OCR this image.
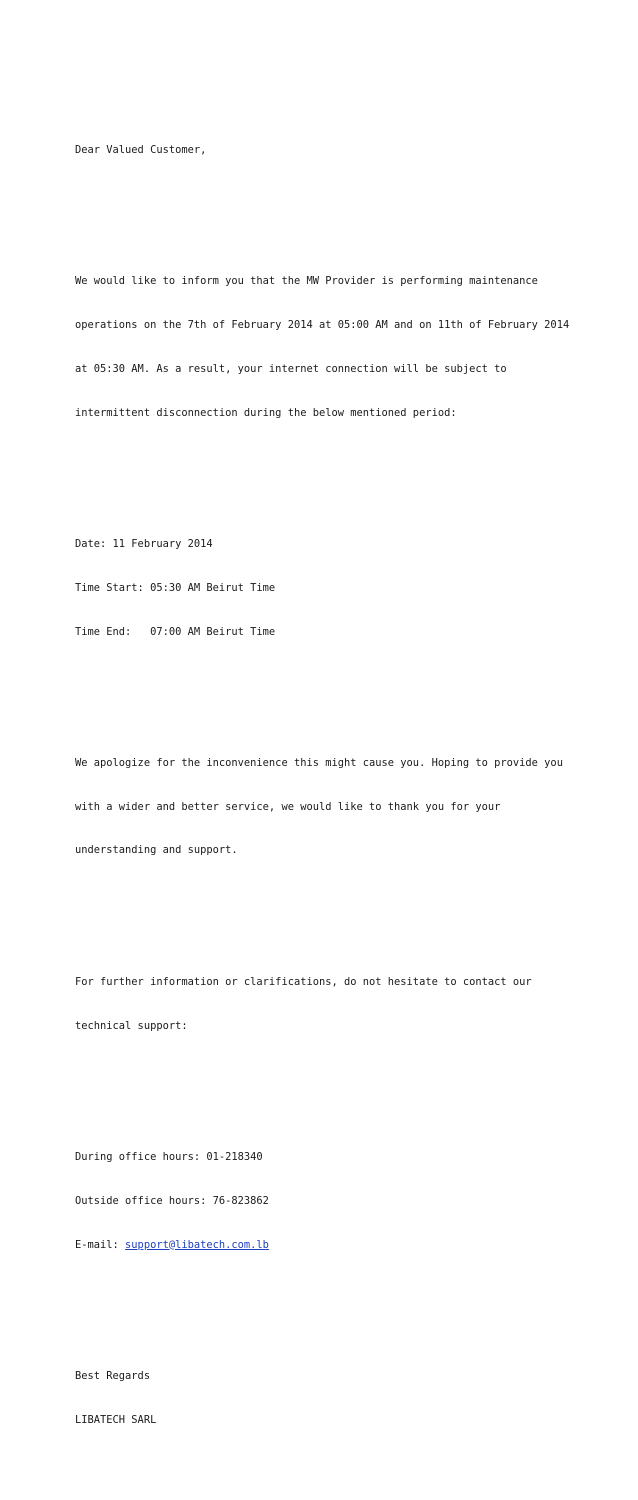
Dear Valued Customer,

We would like to inform you that the MW Provider is performing maintenance

operations on the 7th of February 2014 at 05:00 AM and on 11th of February 2014

at 05:30 AM. As a result, your internet connection will be subject to

intermittent disconnection during the below mentioned period:

Date: 11 February 2014

Time Start: 05:30 AM Beirut Time

Time End:   07:00 AM Beirut Time

We apologize for the inconvenience this might cause you. Hoping to provide you

with a wider and better service, we would like to thank you for your

understanding and support.

For further information or clarifications, do not hesitate to contact our

technical support:

During office hours: 01-218340

Outside office hours: 76-823862

E-mail: support@libatech.com.lb

Best Regards

LIBATECH SARL
